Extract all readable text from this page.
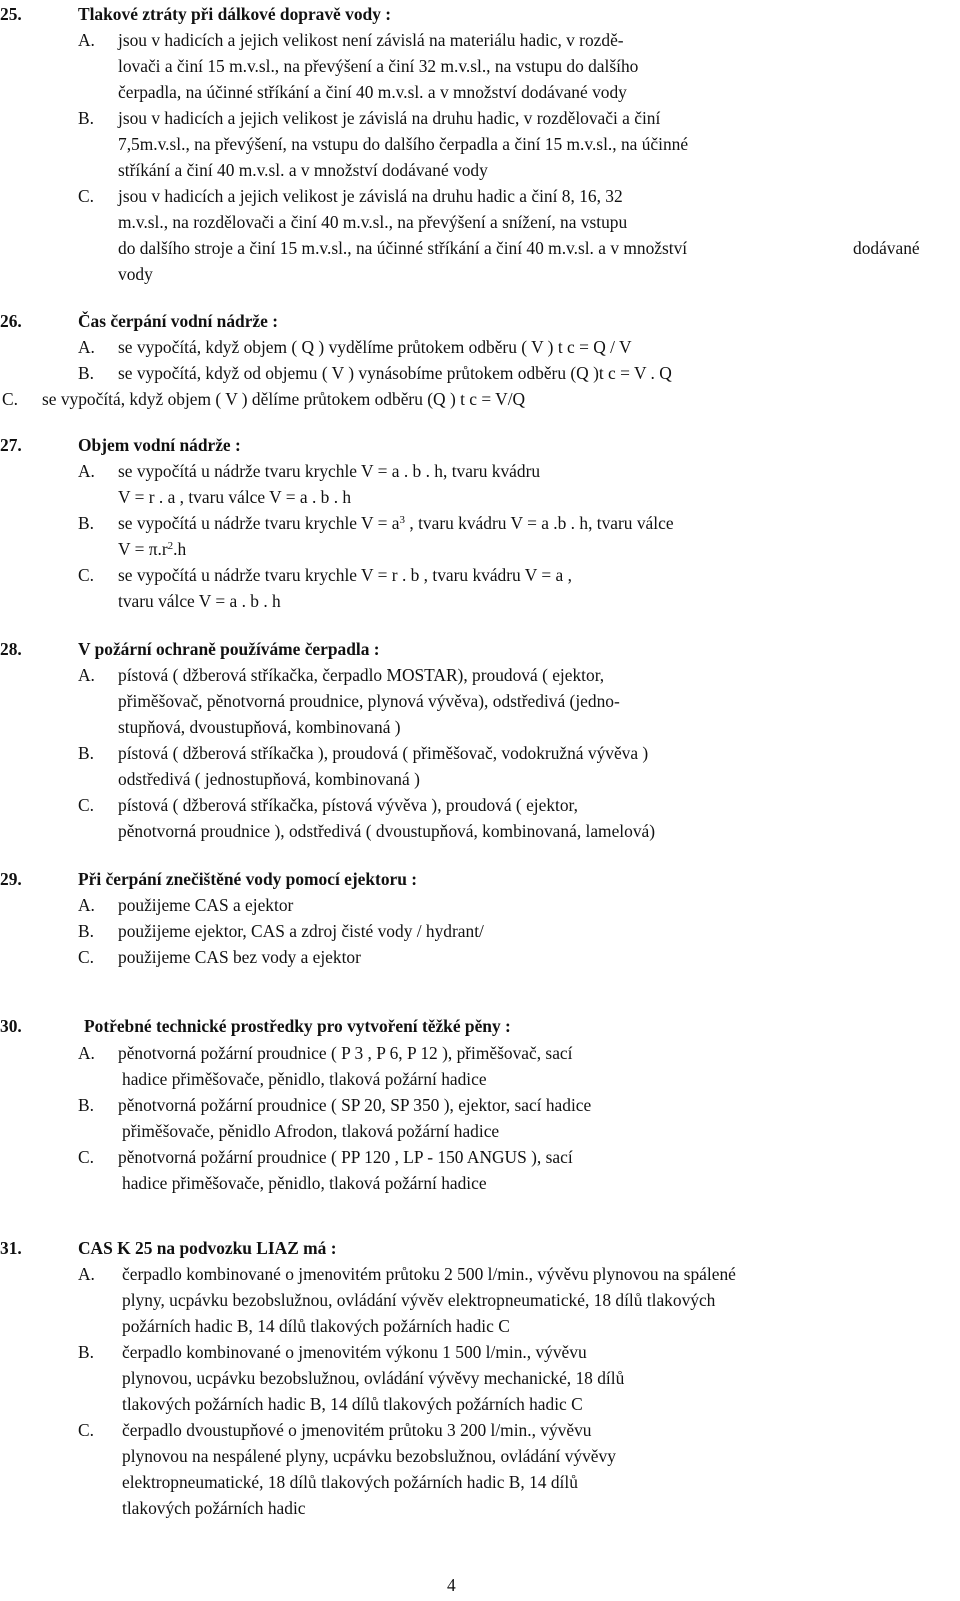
25.	Tlakové ztráty při dálkové dopravě vody :
A. jsou v hadicích a jejich velikost není závislá na materiálu hadic, v rozdě-
lovači a činí 15 m.v.sl., na převýšení a činí 32 m.v.sl., na vstupu do dalšího
čerpadla, na účinné stříkání a činí 40 m.v.sl. a v množství dodávané vody
B. jsou v hadicích a jejich velikost je závislá na druhu hadic, v rozdělovači a činí
7,5m.v.sl., na převýšení, na vstupu do dalšího čerpadla a činí 15 m.v.sl., na účinné
stříkání a činí 40 m.v.sl. a v množství dodávané vody
C. jsou v hadicích a jejich velikost je závislá na druhu hadic a činí 8, 16, 32
m.v.sl., na rozdělovači a činí 40 m.v.sl., na převýšení a snížení, na vstupu
do dalšího stroje a činí 15 m.v.sl., na účinné stříkání a činí 40 m.v.sl. a v množství	dodávané
vody
26.	Čas čerpání vodní nádrže :
A. se vypočítá, když objem ( Q ) vydělíme průtokem odběru ( V ) t c = Q / V
B. se vypočítá, když od objemu ( V ) vynásobíme průtokem odběru (Q )t c = V . Q
C. se vypočítá, když objem ( V ) dělíme průtokem odběru (Q ) t c = V/Q
27.	Objem vodní nádrže :
A. se vypočítá u nádrže tvaru krychle V = a . b . h, tvaru kvádru
V = r . a , tvaru válce V = a . b . h
B. se vypočítá u nádrže tvaru krychle $V = a^3$ , tvaru kvádru V = a .b . h, tvaru válce
$V = \pi.r^2.h$
C. se vypočítá u nádrže tvaru krychle V = r . b , tvaru kvádru V = a ,
tvaru válce V = a . b . h
28.	V požární ochraně používáme čerpadla :
A. pístová ( džberová stříkačka, čerpadlo MOSTAR), proudová ( ejektor,
přiměšovač, pěnotvorná proudnice, plynová vývěva), odstředivá (jedno-
stupňová, dvoustupňová, kombinovaná )
B. pístová ( džberová stříkačka ), proudová ( přiměšovač, vodokružná vývěva )
odstředivá ( jednostupňová, kombinovaná )
C. pístová ( džberová stříkačka, pístová vývěva ), proudová ( ejektor,
pěnotvorná proudnice ), odstředivá ( dvoustupňová, kombinovaná, lamelová)
29.	Při čerpání znečištěné vody pomocí ejektoru :
A. použijeme CAS a ejektor
B. použijeme ejektor, CAS a zdroj čisté vody / hydrant/
C. použijeme CAS bez vody a ejektor
30.	Potřebné technické prostředky pro vytvoření těžké pěny :
A. pěnotvorná požární proudnice ( P 3 , P 6, P 12 ), přiměšovač, sací
hadice přiměšovače, pěnidlo, tlaková požární hadice
B. pěnotvorná požární proudnice ( SP 20, SP 350 ), ejektor, sací hadice
přiměšovače, pěnidlo Afrodon, tlaková požární hadice
C. pěnotvorná požární proudnice ( PP 120 , LP - 150 ANGUS ), sací
hadice přiměšovače, pěnidlo, tlaková požární hadice
31.	CAS K 25 na podvozku LIAZ má :
A. čerpadlo kombinované o jmenovitém průtoku 2 500 l/min., vývěvu plynovou na spálené
plyny, ucpávku bezobslužnou, ovládání vývěv elektropneumatické, 18 dílů tlakových
požárních hadic B, 14 dílů tlakových požárních hadic C
B. čerpadlo kombinované o jmenovitém výkonu 1 500 l/min., vývěvu
plynovou, ucpávku bezobslužnou, ovládání vývěvy mechanické, 18 dílů
tlakových požárních hadic B, 14 dílů tlakových požárních hadic C
C. čerpadlo dvoustupňové o jmenovitém průtoku 3 200 l/min., vývěvu
plynovou na nespálené plyny, ucpávku bezobslužnou, ovládání vývěvy
elektropneumatické, 18 dílů tlakových požárních hadic B, 14 dílů
tlakových požárních hadic
4
